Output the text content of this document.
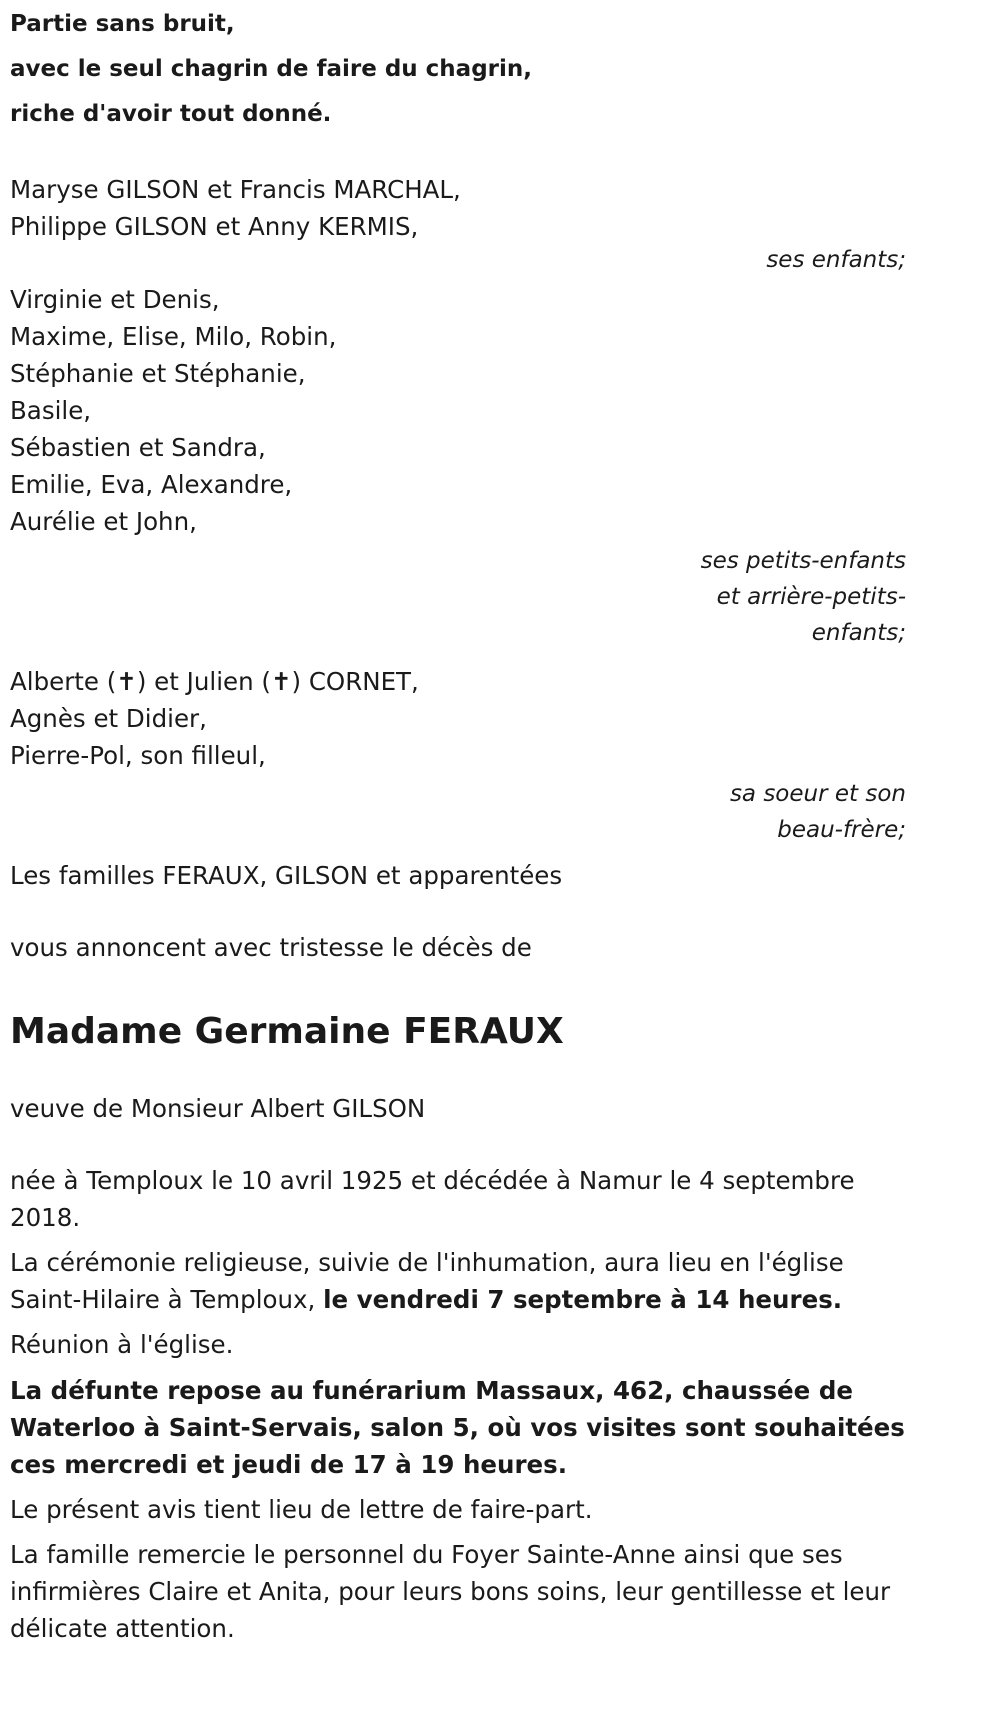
Partie sans bruit,

avec le seul chagrin de faire du chagrin,

riche d'avoir tout donné.

Maryse GILSON et Francis MARCHAL,

Philippe GILSON et Anny KERMIS,

ses enfants;

Virginie et Denis,

Maxime, Elise, Milo, Robin,

Stéphanie et Stéphanie,

Basile,

Sébastien et Sandra,

Emilie, Eva, Alexandre,

Aurélie et John,

ses petits-enfants

et arrière-petits-

enfants;

Alberte (✝) et Julien (✝) CORNET,

Agnès et Didier,

Pierre-Pol, son filleul,

sa soeur et son

beau-frère;

Les familles FERAUX, GILSON et apparentées

vous annoncent avec tristesse le décès de

Madame Germaine FERAUX

veuve de Monsieur Albert GILSON

née à Temploux le 10 avril 1925 et décédée à Namur le 4 septembre 2018.

La cérémonie religieuse, suivie de l'inhumation, aura lieu en l'église Saint-Hilaire à Temploux, le vendredi 7 septembre à 14 heures.

Réunion à l'église.

La défunte repose au funérarium Massaux, 462, chaussée de Waterloo à Saint-Servais, salon 5, où vos visites sont souhaitées ces mercredi et jeudi de 17 à 19 heures.

Le présent avis tient lieu de lettre de faire-part.

La famille remercie le personnel du Foyer Sainte-Anne ainsi que ses infirmières Claire et Anita, pour leurs bons soins, leur gentillesse et leur délicate attention.
